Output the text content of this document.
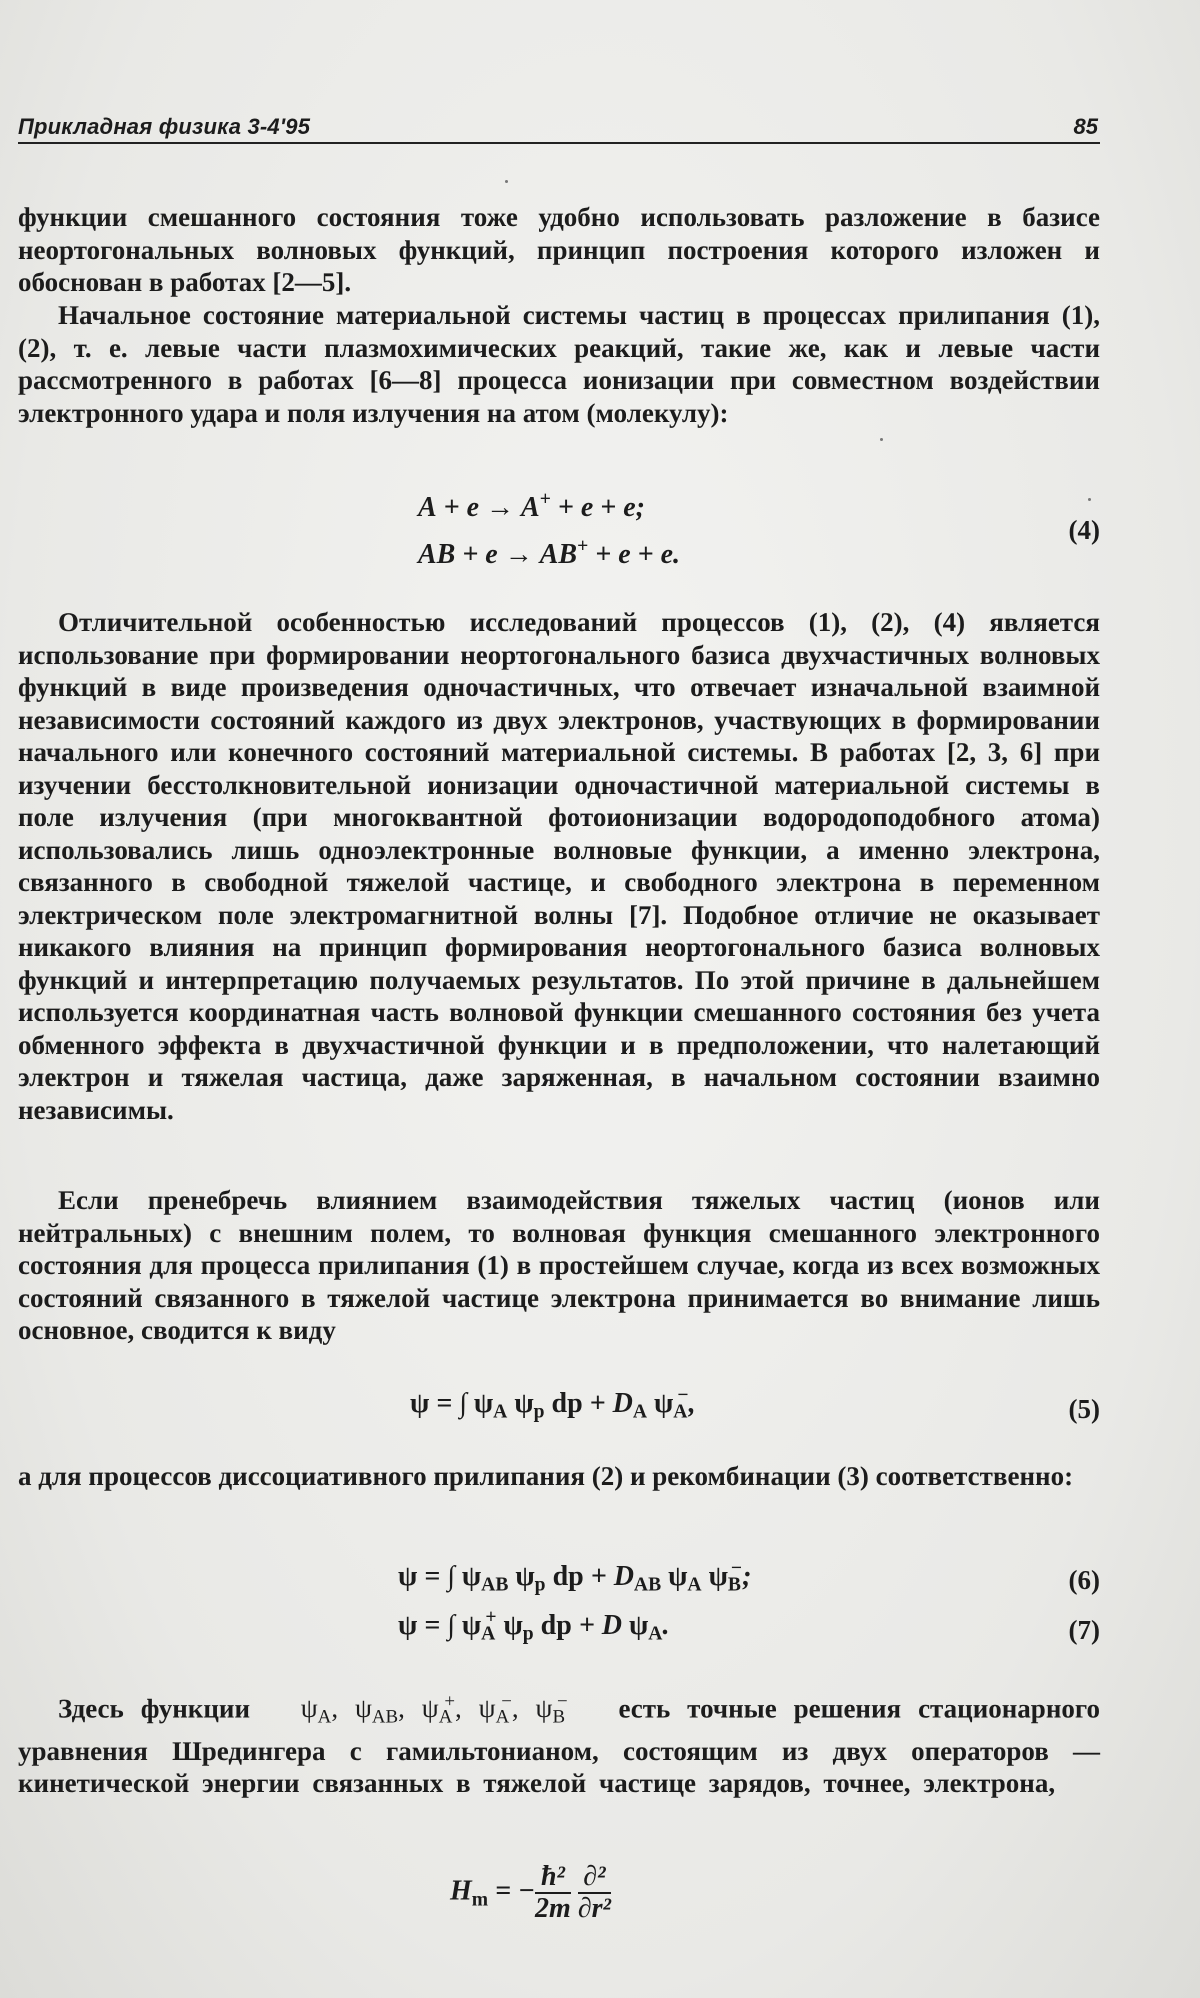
Прикладная физика 3-4'95	85

функции смешанного состояния тоже удобно использовать разложение в базисе неортогональных волновых функций, принцип построения которого изложен и обоснован в работах [2—5].

Начальное состояние материальной системы частиц в процессах прилипания (1), (2), т. е. левые части плазмохимических реакций, такие же, как и левые части рассмотренного в работах [6—8] процесса ионизации при совместном воздействии электронного удара и поля излучения на атом (молекулу):

A + e → A+ + e + e;
AB + e → AB+ + e + e.
(4)

Отличительной особенностью исследований процессов (1), (2), (4) является использование при формировании неортогонального базиса двухчастичных волновых функций в виде произведения одночастичных, что отвечает изначальной взаимной независимости состояний каждого из двух электронов, участвующих в формировании начального или конечного состояний материальной системы. В работах [2, 3, 6] при изучении бесстолкновительной ионизации одночастичной материальной системы в поле излучения (при многоквантной фотоионизации водородоподобного атома) использовались лишь одноэлектронные волновые функции, а именно электрона, связанного в свободной тяжелой частице, и свободного электрона в переменном электрическом поле электромагнитной волны [7]. Подобное отличие не оказывает никакого влияния на принцип формирования неортогонального базиса волновых функций и интерпретацию получаемых результатов. По этой причине в дальнейшем используется координатная часть волновой функции смешанного состояния без учета обменного эффекта в двухчастичной функции и в предположении, что налетающий электрон и тяжелая частица, даже заряженная, в начальном состоянии взаимно независимы.

Если пренебречь влиянием взаимодействия тяжелых частиц (ионов или нейтральных) с внешним полем, то волновая функция смешанного электронного состояния для процесса прилипания (1) в простейшем случае, когда из всех возможных состояний связанного в тяжелой частице электрона принимается во внимание лишь основное, сводится к виду

ψ = ∫ $\psi_A$ $\psi_p$ dp + $D_A$ $\psi_A^-$,	(5)

а для процессов диссоциативного прилипания (2) и рекомбинации (3) соответственно:

ψ = ∫ $\psi_{AB}$ $\psi_p$ dp + $D_{AB}$ $\psi_A$ $\psi_B^-$;	(6)
ψ = ∫ $\psi_A^+$ $\psi_p$ dp + D $\psi_A$.	(7)

Здесь функции $\psi_A$, $\psi_{AB}$, $\psi_A^+$, $\psi_A^-$, $\psi_B^-$ есть точные решения стационарного уравнения Шредингера с гамильтонианом, состоящим из двух операторов — кинетической энергии связанных в тяжелой частице зарядов, точнее, электрона,

$H_m$ = − $\frac{\text{ħ²}}{2m}$
$\frac{\text{∂²}}{\text{∂r²}}$
